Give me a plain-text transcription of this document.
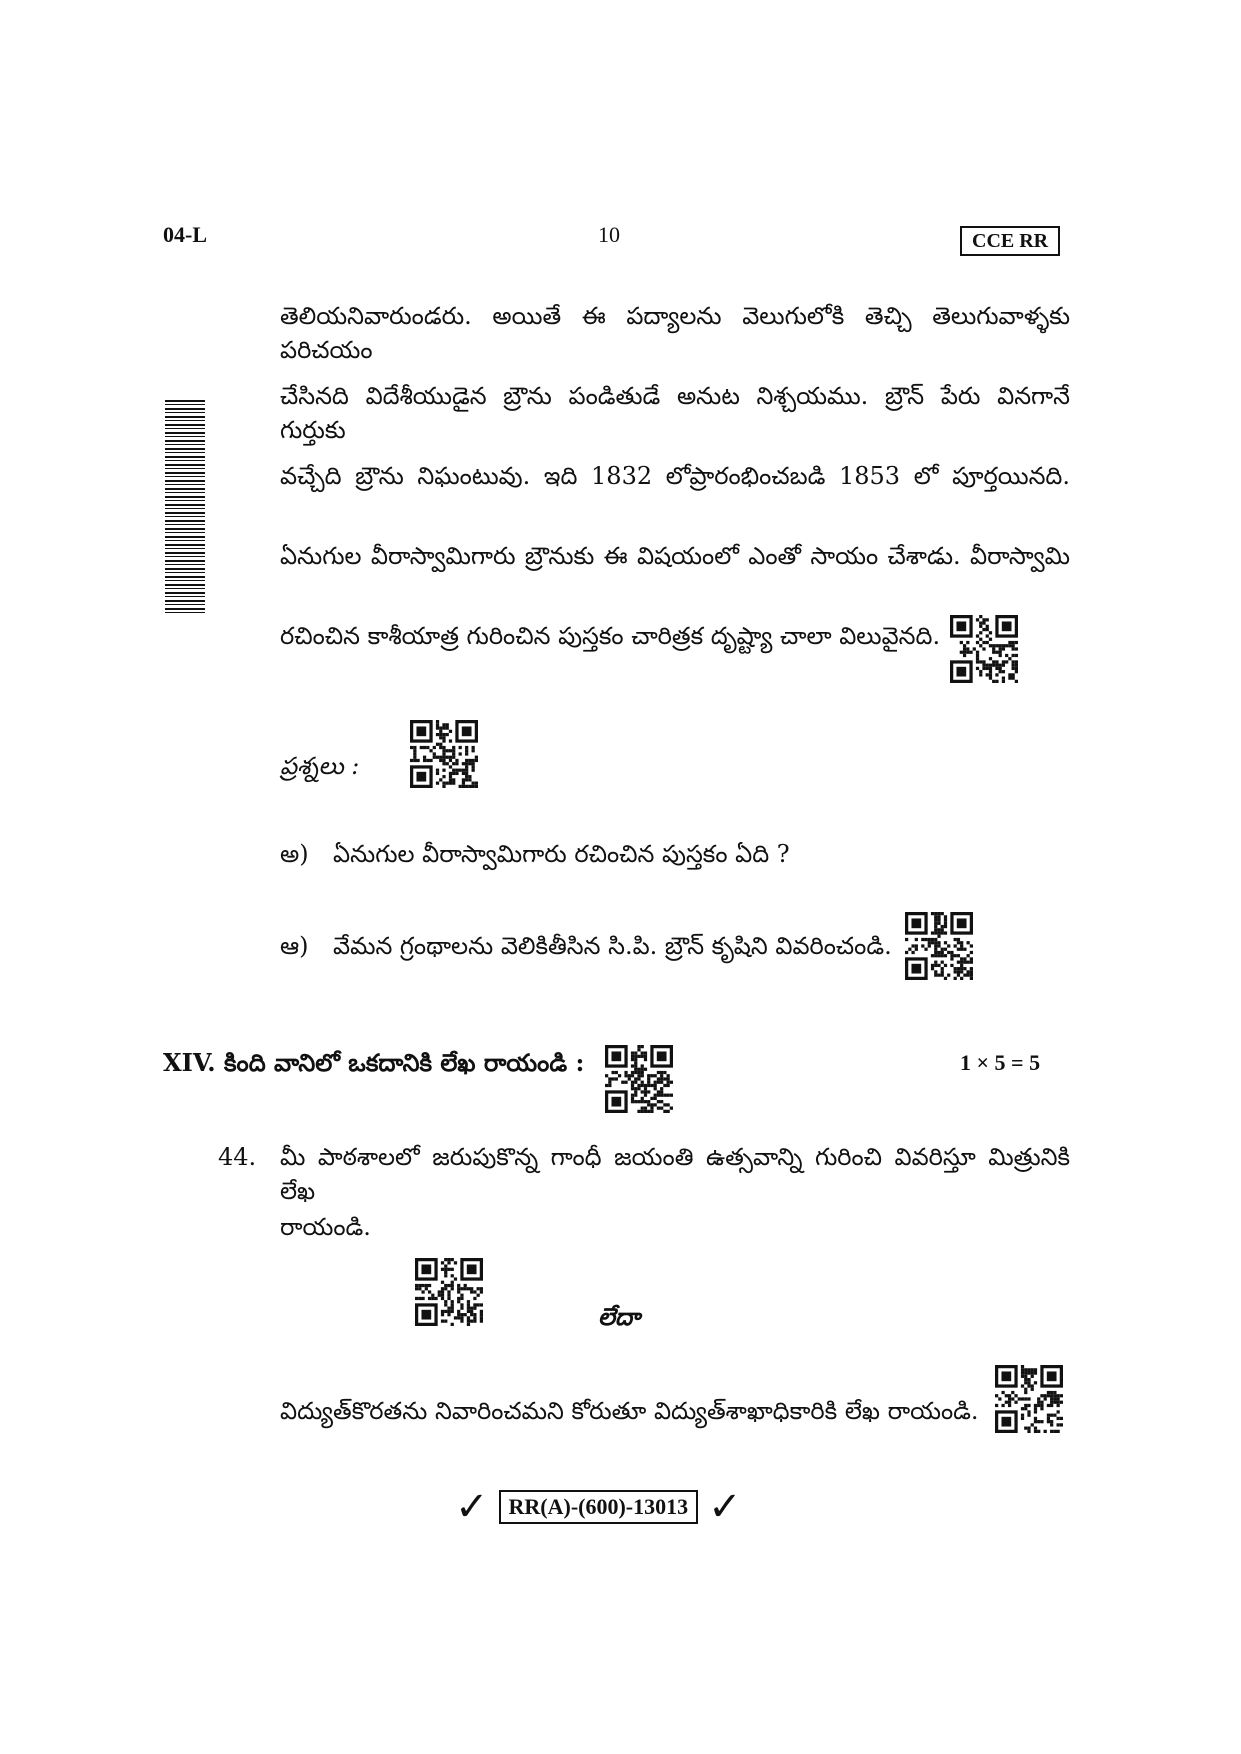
04-L	10	CCE RR
తెలియనివారుండరు. అయితే ఈ పద్యాలను వెలుగులోకి తెచ్చి తెలుగువాళ్ళకు పరిచయం
చేసినది విదేశీయుడైన బ్రౌను పండితుడే అనుట నిశ్చయము. బ్రౌన్ పేరు వినగానే గుర్తుకు
వచ్చేది బ్రౌను నిఘంటువు. ఇది 1832 లోప్రారంభించబడి 1853 లో పూర్తయినది.
ఏనుగుల వీరాస్వామిగారు బ్రౌనుకు ఈ విషయంలో ఎంతో సాయం చేశాడు. వీరాస్వామి
రచించిన కాశీయాత్ర గురించిన పుస్తకం చారిత్రక దృష్ట్యా చాలా విలువైనది.
ప్రశ్నలు :
అ) ఏనుగుల వీరాస్వామిగారు రచించిన పుస్తకం ఏది ?
ఆ) వేమన గ్రంథాలను వెలికితీసిన సి.పి. బ్రౌన్ కృషిని వివరించండి.
XIV. కింది వానిలో ఒకదానికి లేఖ రాయండి :	1 × 5 = 5
44. మీ పాఠశాలలో జరుపుకొన్న గాంధీ జయంతి ఉత్సవాన్ని గురించి వివరిస్తూ మిత్రునికి లేఖ
రాయండి.
లేదా
విద్యుత్‌కొరతను నివారించమని కోరుతూ విద్యుత్‌శాఖాధికారికి లేఖ రాయండి.
✓ RR(A)-(600)-13013 ✓
